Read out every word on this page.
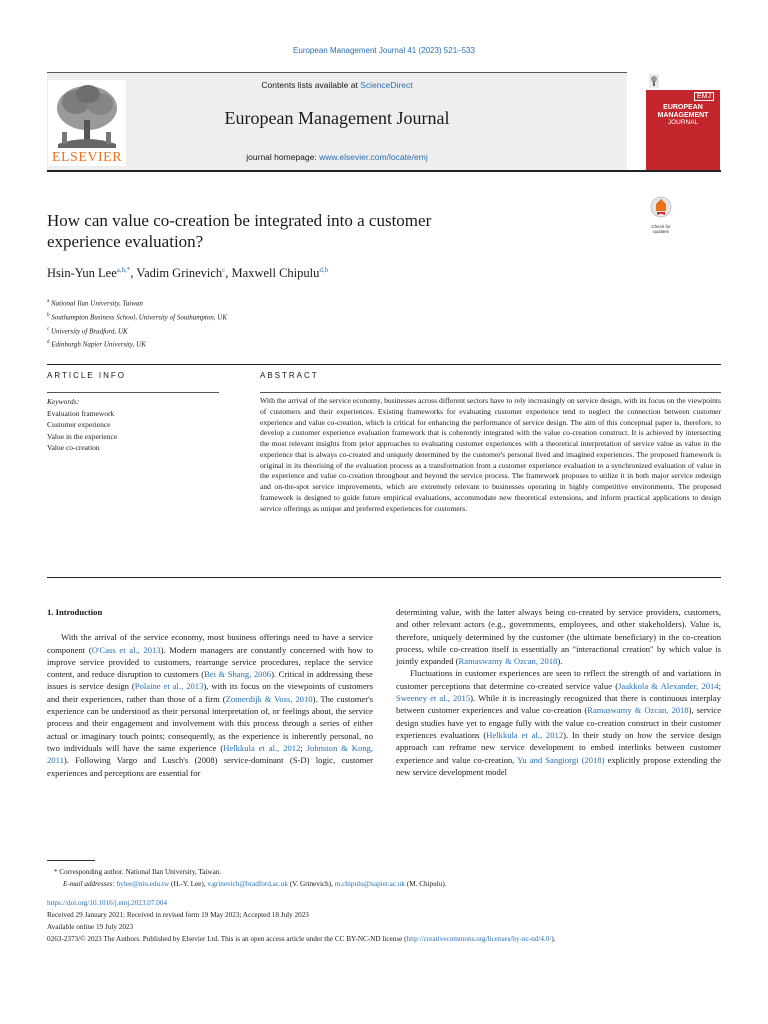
European Management Journal 41 (2023) 521–533
ELSEVIER
Contents lists available at ScienceDirect
European Management Journal
journal homepage: www.elsevier.com/locate/emj
EMJ
EUROPEAN
MANAGEMENT
JOURNAL
Check for
updates
How can value co-creation be integrated into a customer
experience evaluation?
Hsin-Yun Lee$^{a,b,*}$, Vadim Grinevich$^c$, Maxwell Chipulu$^{d,b}$
$^a$ National Ilan University, Taiwan
$^b$ Southampton Business School, University of Southampton, UK
$^c$ University of Bradford, UK
$^d$ Edinburgh Napier University, UK
ARTICLE INFO	ABSTRACT
Keywords:
Evaluation framework
Customer experience
Value in the experience
Value co-creation
With the arrival of the service economy, businesses across different sectors have to rely increasingly on service design, with its focus on the viewpoints of customers and their experiences. Existing frameworks for evaluating customer experience tend to neglect the connection between customer experience and value co-creation, which is critical for enhancing the performance of service design. The aim of this conceptual paper is, therefore, to develop a customer experience evaluation framework that is coherently integrated with the value co-creation construct. It is achieved by intersecting the most relevant insights from prior approaches to evaluating customer experiences with a theoretical interpretation of service value as value in the experience that is always co-created and uniquely determined by the customer's personal lived and imagined experiences. The proposed framework is original in its theorising of the evaluation process as a transformation from a customer experience evaluation to a synchronized evaluation of value in the experience and value co-creation throughout and beyond the service process. The framework proposes to utilize it in both major service redesign and on-the-spot service improvements, which are extremely relevant to businesses operating in highly competitive environments. The proposed framework is designed to guide future empirical evaluations, accommodate new theoretical extensions, and inform practical applications to design service offerings as unique and preferred experiences for customers.
1. Introduction

With the arrival of the service economy, most business offerings need to have a service component (O'Cass et al., 2013). Modern managers are constantly concerned with how to improve service provided to customers, rearrange service procedures, replace the service content, and reduce disruption to customers (Bei & Shang, 2006). Critical in addressing these issues is service design (Polaine et al., 2013), with its focus on the viewpoints of customers and their experiences, rather than those of a firm (Zomerdijk & Voss, 2010). The customer's experience can be understood as their personal interpretation of, or feelings about, the service process and their engagement and involvement with this process through a series of either actual or imaginary touch points; consequently, as the experience is inherently personal, no two individuals will have the same experience (Helkkula et al., 2012; Johnston & Kong, 2011). Following Vargo and Lusch's (2008) service-dominant (S-D) logic, customer experiences and perceptions are essential for

determining value, with the latter always being co-created by service providers, customers, and other relevant actors (e.g., governments, employees, and other stakeholders). Value is, therefore, uniquely determined by the customer (the ultimate beneficiary) in the co-creation process, while co-creation itself is essentially an "interactional creation" by which value is jointly expanded (Ramaswamy & Ozcan, 2018).

Fluctuations in customer experiences are seen to reflect the strength of and variations in customer perceptions that determine co-created service value (Jaakkola & Alexander, 2014; Sweeney et al., 2015). While it is increasingly recognized that there is continuous interplay between customer experiences and value co-creation (Ramaswamy & Ozcan, 2018), service design studies have yet to engage fully with the value co-creation construct in their customer experiences evaluations (Helkkula et al., 2012). In their study on how the service design approach can reframe new service development to embed interlinks between customer experience and value co-creation, Yu and Sangiorgi (2018) explicitly propose extending the new service development model

* Corresponding author. National Ilan University, Taiwan.
E-mail addresses: hylee@niu.edu.tw (H.-Y. Lee), v.grinevich@bradford.ac.uk (V. Grinevich), m.chipulu@napier.ac.uk (M. Chipulu).
https://doi.org/10.1016/j.emj.2023.07.004
Received 29 January 2021; Received in revised form 19 May 2023; Accepted 18 July 2023
Available online 19 July 2023
0263-2373/© 2023 The Authors. Published by Elsevier Ltd. This is an open access article under the CC BY-NC-ND license (http://creativecommons.org/licenses/by-nc-nd/4.0/).
